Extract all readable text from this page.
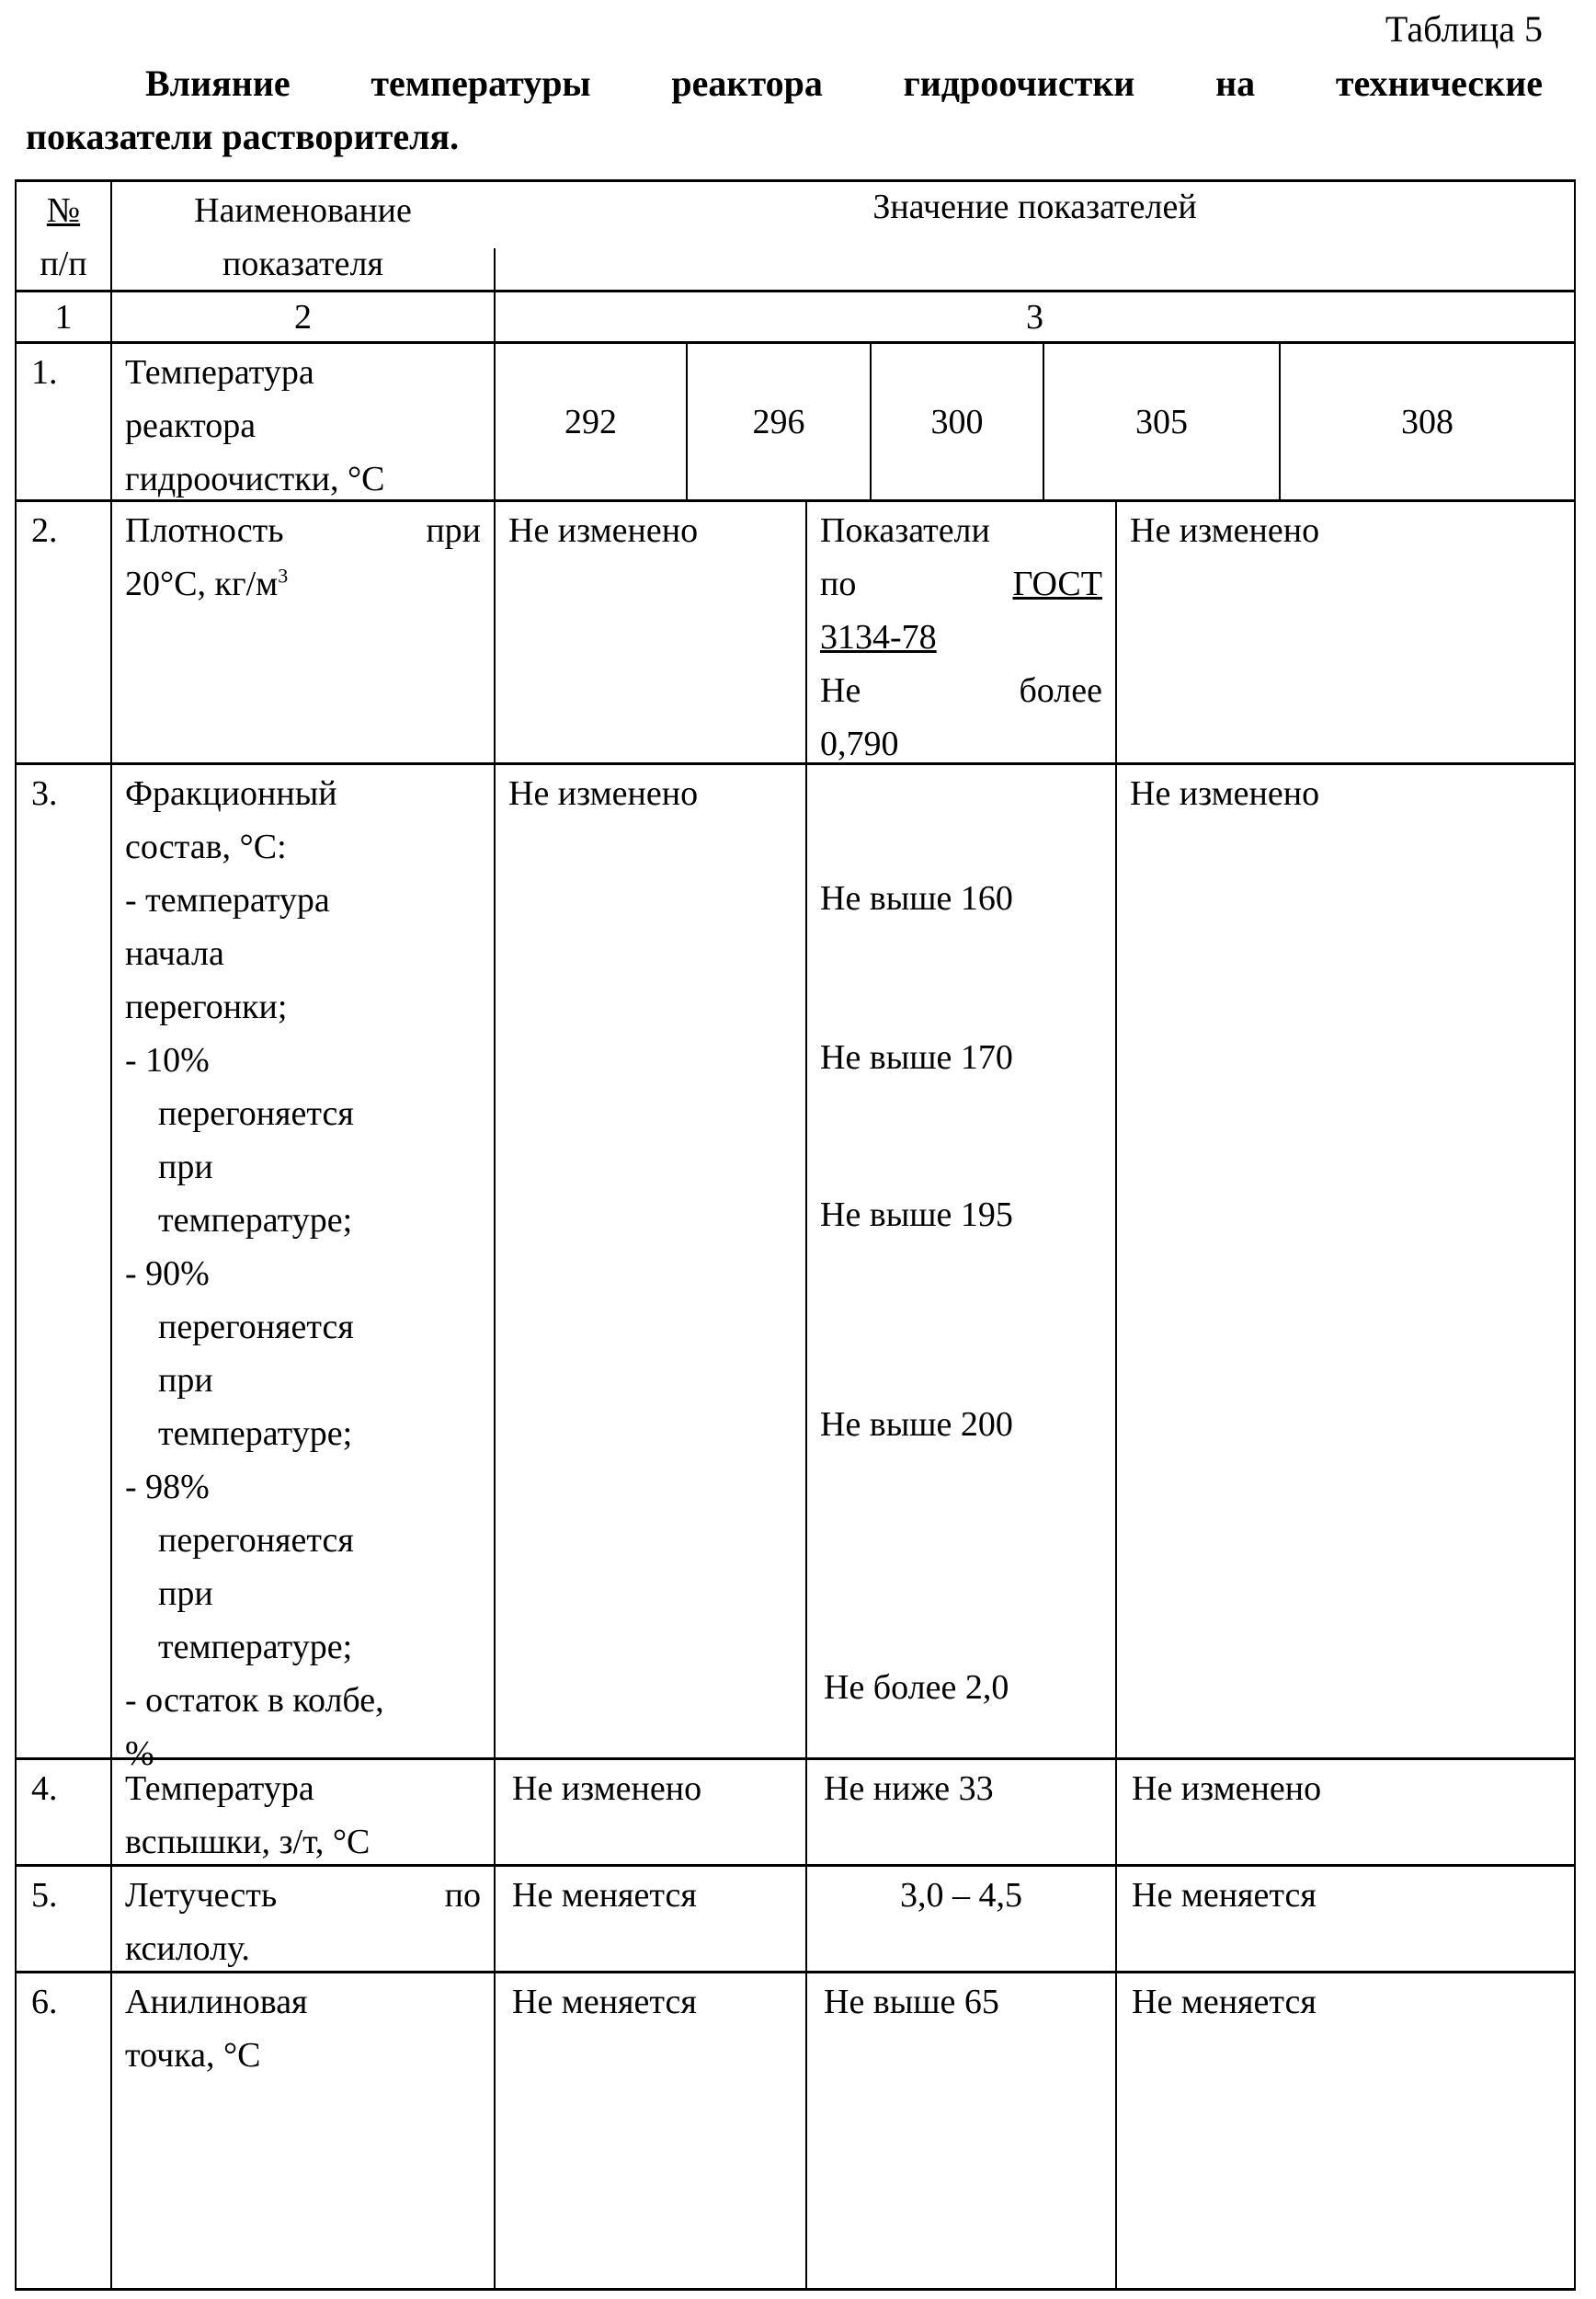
Таблица 5
Влияние температуры реактора гидроочистки на технические
показатели растворителя.
№
п/п
Наименование
показателя
Значение показателей
1	2	3
1.	Температура
реактора
гидроочистки, °С
292	296	300	305	308
2.	Плотность при
20°С, кг/м3
Не изменено	Показатели
по	ГОСТ
3134-78
Не	более
0,790
Не изменено
3.	Фракционный
состав, °С:
- температура
начала
перегонки;
- 10%
перегоняется
при
температуре;
- 90%
перегоняется
при
температуре;
- 98%
перегоняется
при
температуре;
- остаток в колбе,
%
Не изменено
Не выше 160
Не выше 170
Не выше 195
Не выше 200
Не более 2,0
Не изменено
4.	Температура
вспышки, з/т, °С
Не изменено	Не ниже 33	Не изменено
5.	Летучесть по
ксилолу.
Не меняется	3,0 – 4,5	Не меняется
6.	Анилиновая
точка, °С
Не меняется	Не выше 65	Не меняется
